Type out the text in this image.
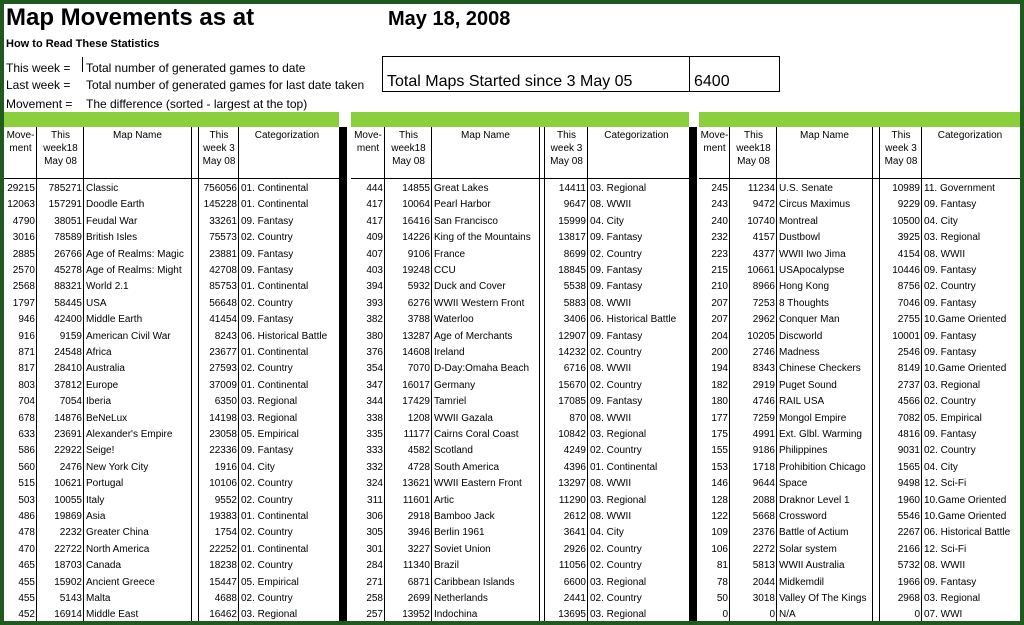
Map Movements as at	May 18, 2008
How to Read These Statistics
This week = Total number of generated games to date
Last week = Total number of generated games for last date taken
Movement = The difference (sorted - largest at the top)
Total Maps Started since 3 May 05	6400
Move-
ment
This
week18
May 08
Map Name	This
week 3
May 08
Categorization
29215	785271 Classic	756056 01. Continental
12063	157291 Doodle Earth	145228 01. Continental
4790	38051 Feudal War	33261 09. Fantasy
3016	78589 British Isles	75573 02. Country
2885	26766 Age of Realms: Magic	23881 09. Fantasy
2570	45278 Age of Realms: Might	42708 09. Fantasy
2568	88321 World 2.1	85753 01. Continental
1797	58445 USA	56648 02. Country
946	42400 Middle Earth	41454 09. Fantasy
916	9159 American Civil War	8243 06. Historical Battle
871	24548 Africa	23677 01. Continental
817	28410 Australia	27593 02. Country
803	37812 Europe	37009 01. Continental
704	7054 Iberia	6350 03. Regional
678	14876 BeNeLux	14198 03. Regional
633	23691 Alexander's Empire	23058 05. Empirical
586	22922 Seige!	22336 09. Fantasy
560	2476 New York City	1916 04. City
515	10621 Portugal	10106 02. Country
503	10055 Italy	9552 02. Country
486	19869 Asia	19383 01. Continental
478	2232 Greater China	1754 02. Country
470	22722 North America	22252 01. Continental
465	18703 Canada	18238 02. Country
455	15902 Ancient Greece	15447 05. Empirical
455	5143 Malta	4688 02. Country
452	16914 Middle East	16462 03. Regional
Move-
ment
This
week18
May 08
Map Name	This
week 3
May 08
Categorization
444	14855 Great Lakes	14411 03. Regional
417	10064 Pearl Harbor	9647 08. WWII
417	16416 San Francisco	15999 04. City
409	14226 King of the Mountains	13817 09. Fantasy
407	9106 France	8699 02. Country
403	19248 CCU	18845 09. Fantasy
394	5932 Duck and Cover	5538 09. Fantasy
393	6276 WWII Western Front	5883 08. WWII
382	3788 Waterloo	3406 06. Historical Battle
380	13287 Age of Merchants	12907 09. Fantasy
376	14608 Ireland	14232 02. Country
354	7070 D-Day:Omaha Beach	6716 08. WWII
347	16017 Germany	15670 02. Country
344	17429 Tamriel	17085 09. Fantasy
338	1208 WWII Gazala	870 08. WWII
335	11177 Cairns Coral Coast	10842 03. Regional
333	4582 Scotland	4249 02. Country
332	4728 South America	4396 01. Continental
324	13621 WWII Eastern Front	13297 08. WWII
311	11601 Artic	11290 03. Regional
306	2918 Bamboo Jack	2612 08. WWII
305	3946 Berlin 1961	3641 04. City
301	3227 Soviet Union	2926 02. Country
284	11340 Brazil	11056 02. Country
271	6871 Caribbean Islands	6600 03. Regional
258	2699 Netherlands	2441 02. Country
257	13952 Indochina	13695 03. Regional
Move-
ment
This
week18
May 08
Map Name	This
week 3
May 08
Categorization
245	11234 U.S. Senate	10989 11. Government
243	9472 Circus Maximus	9229 09. Fantasy
240	10740 Montreal	10500 04. City
232	4157 Dustbowl	3925 03. Regional
223	4377 WWII Iwo Jima	4154 08. WWII
215	10661 USApocalypse	10446 09. Fantasy
210	8966 Hong Kong	8756 02. Country
207	7253 8 Thoughts	7046 09. Fantasy
207	2962 Conquer Man	2755 10.Game Oriented
204	10205 Discworld	10001 09. Fantasy
200	2746 Madness	2546 09. Fantasy
194	8343 Chinese Checkers	8149 10.Game Oriented
182	2919 Puget Sound	2737 03. Regional
180	4746 RAIL USA	4566 02. Country
177	7259 Mongol Empire	7082 05. Empirical
175	4991 Ext. Glbl. Warming	4816 09. Fantasy
155	9186 Philippines	9031 02. Country
153	1718 Prohibition Chicago	1565 04. City
146	9644 Space	9498 12. Sci-Fi
128	2088 Draknor Level 1	1960 10.Game Oriented
122	5668 Crossword	5546 10.Game Oriented
109	2376 Battle of Actium	2267 06. Historical Battle
106	2272 Solar system	2166 12. Sci-Fi
81	5813 WWII Australia	5732 08. WWII
78	2044 Midkemdil	1966 09. Fantasy
50	3018 Valley Of The Kings	2968 03. Regional
0	0 N/A	0 07. WWI
